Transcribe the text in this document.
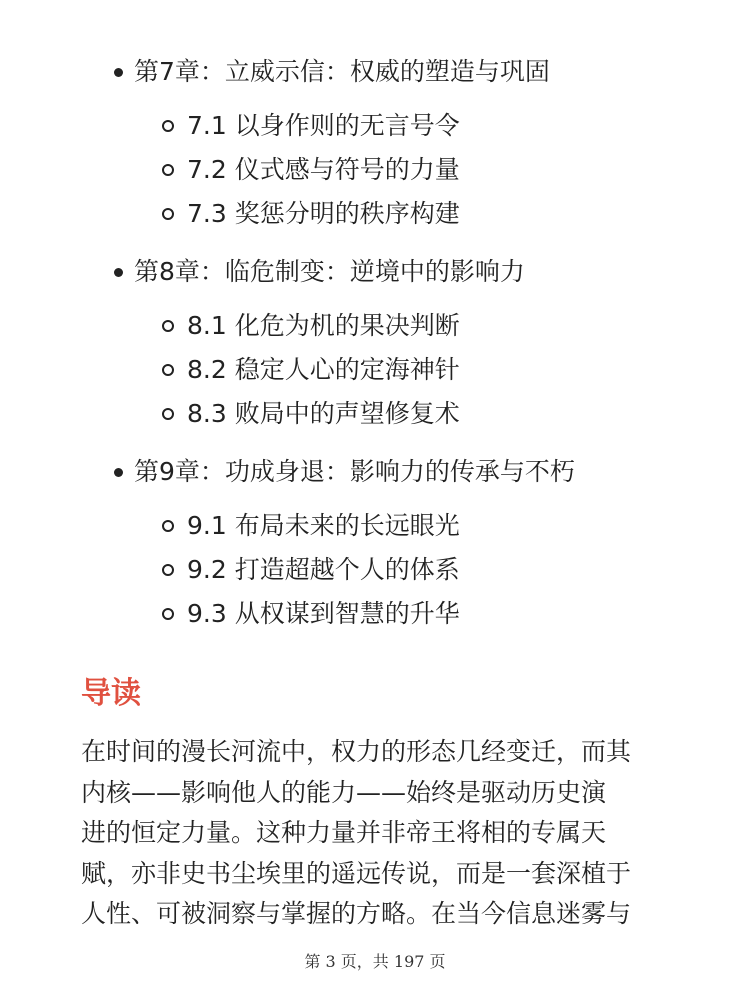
第7章：立威示信：权威的塑造与巩固
7.1 以身作则的无言号令
7.2 仪式感与符号的力量
7.3 奖惩分明的秩序构建
第8章：临危制变：逆境中的影响力
8.1 化危为机的果决判断
8.2 稳定人心的定海神针
8.3 败局中的声望修复术
第9章：功成身退：影响力的传承与不朽
9.1 布局未来的长远眼光
9.2 打造超越个人的体系
9.3 从权谋到智慧的升华
导读
在时间的漫长河流中，权力的形态几经变迁，而其
内核——影响他人的能力——始终是驱动历史演
进的恒定力量。这种力量并非帝王将相的专属天
赋，亦非史书尘埃里的遥远传说，而是一套深植于
人性、可被洞察与掌握的方略。在当今信息迷雾与
第 3 页，共 197 页
